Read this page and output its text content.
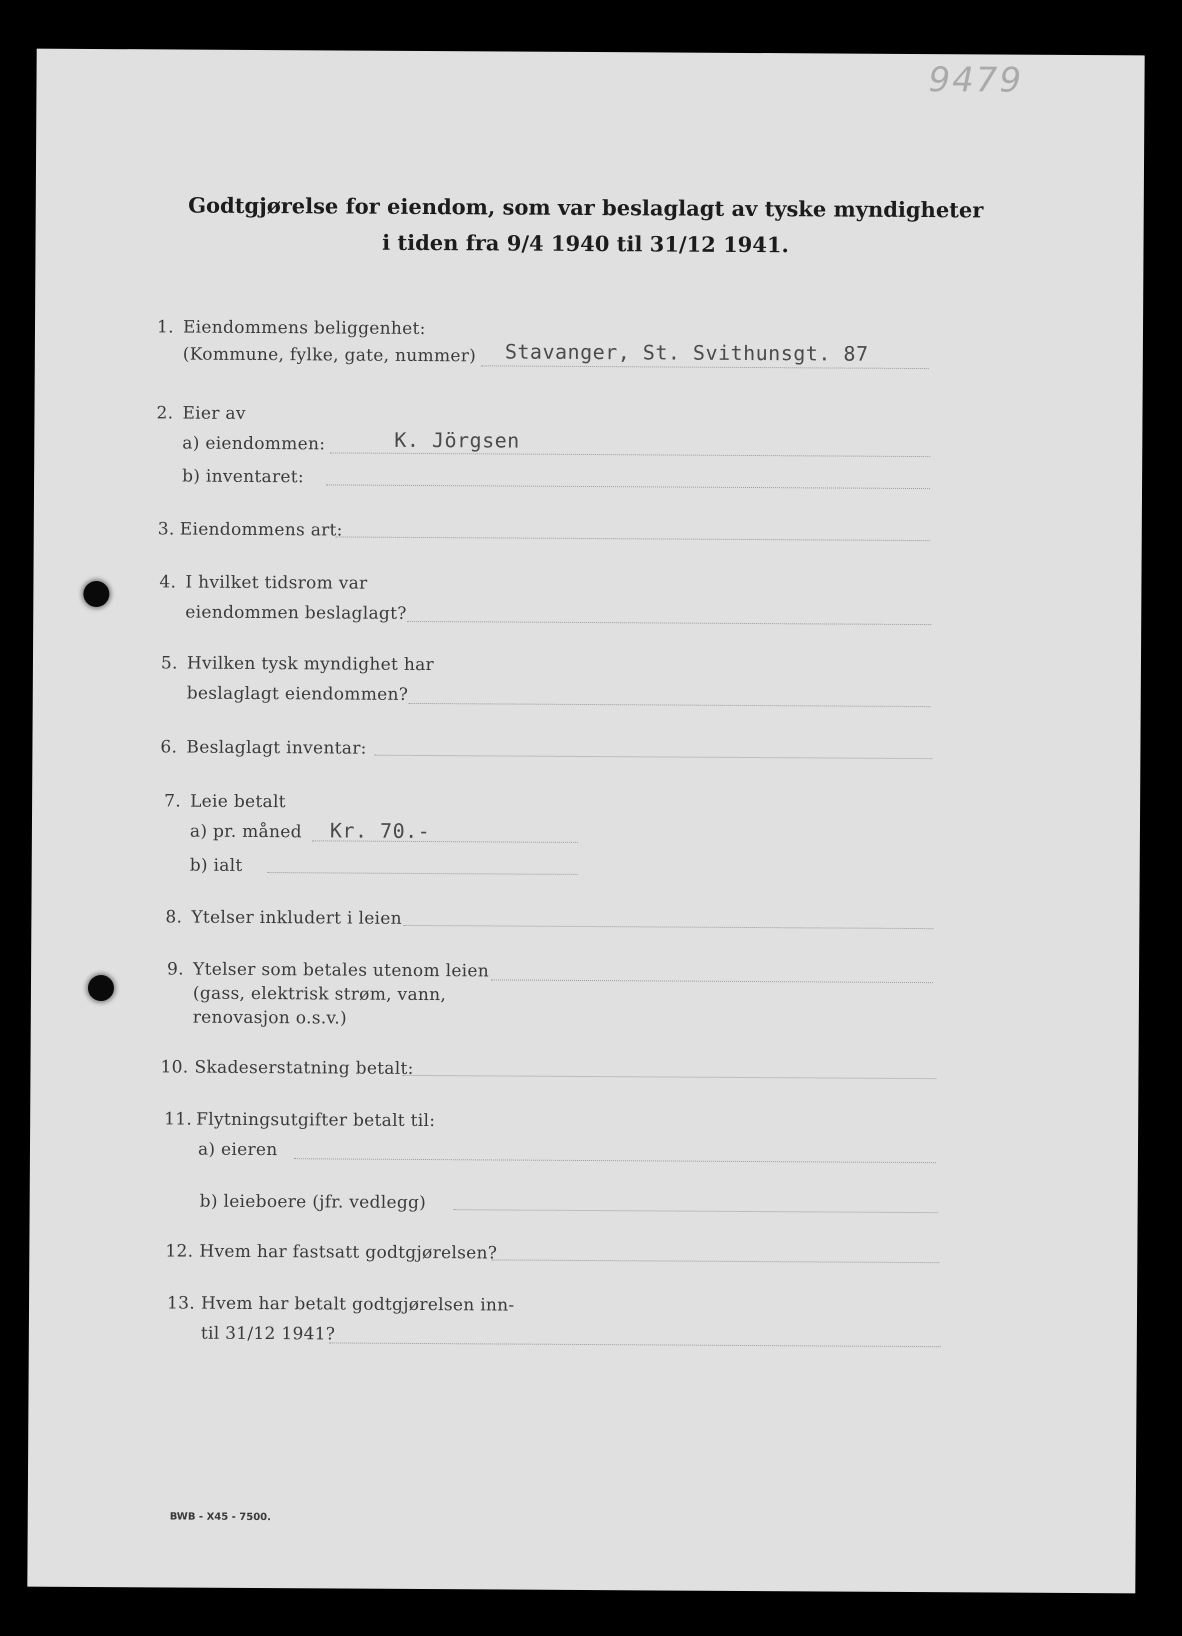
9479
Godtgjørelse for eiendom, som var beslaglagt av tyske myndigheter
i tiden fra 9/4 1940 til 31/12 1941.
1. Eiendommens beliggenhet:
(Kommune, fylke, gate, nummer) Stavanger, St. Svithunsgt. 87
2. Eier av
a) eiendommen:	K. Jörgsen
b) inventaret:
3. Eiendommens art:
4. I hvilket tidsrom var
eiendommen beslaglagt?
5. Hvilken tysk myndighet har
beslaglagt eiendommen?
6. Beslaglagt inventar:
7. Leie betalt
a) pr. måned Kr. 70.-
b) ialt
8. Ytelser inkludert i leien
9. Ytelser som betales utenom leien
(gass, elektrisk strøm, vann,
renovasjon o.s.v.)
10. Skadeserstatning betalt:
11. Flytningsutgifter betalt til:
a) eieren
b) leieboere (jfr. vedlegg)
12. Hvem har fastsatt godtgjørelsen?
13. Hvem har betalt godtgjørelsen inn-
til 31/12 1941?
BWB - X45 - 7500.
